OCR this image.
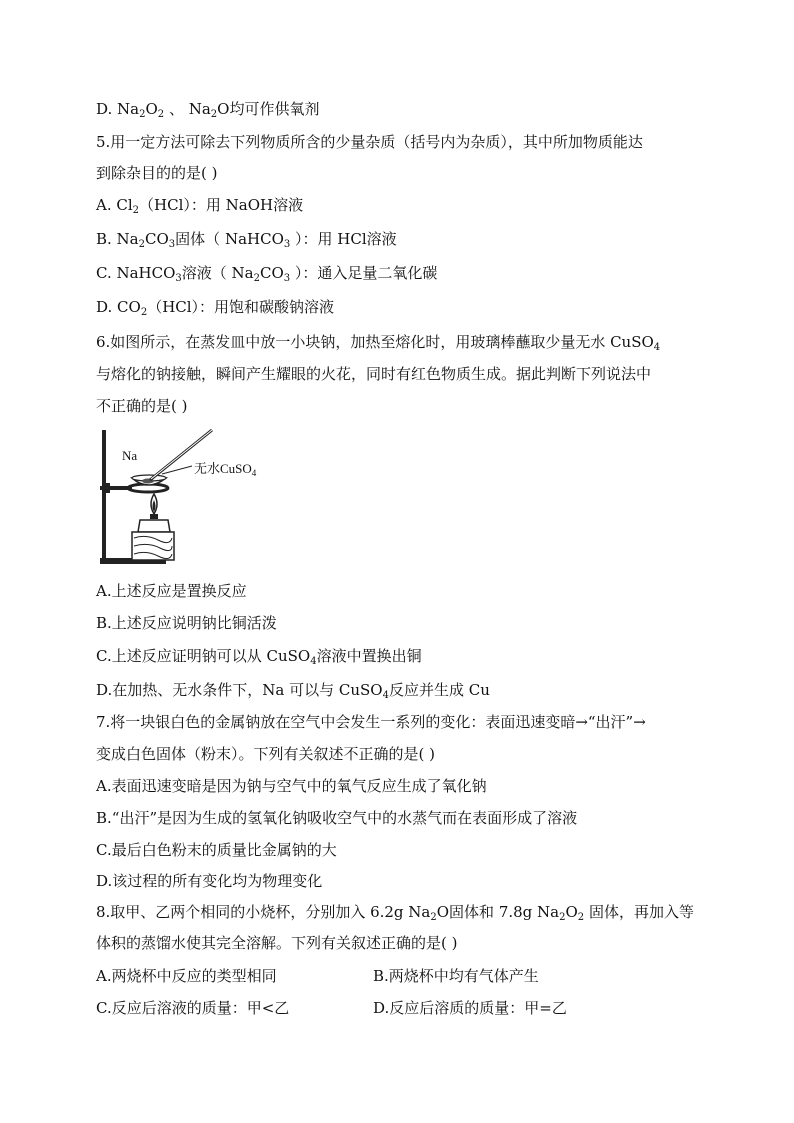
D. $Na_2O_2$ 、 $Na_2O$均可作供氧剂
5.用一定方法可除去下列物质所含的少量杂质（括号内为杂质），其中所加物质能达
到除杂目的的是( )
A. $Cl_2(HCl)$：用 NaOH溶液
B. $Na_2CO_3$固体（ NaHCO$_3$ ）：用 HCl溶液
C. NaHCO$_3$溶液（ $Na_2CO_3$ ）：通入足量二氧化碳
D. $CO_2(HCl)$：用饱和碳酸钠溶液
6.如图所示，在蒸发皿中放一小块钠，加热至熔化时，用玻璃棒蘸取少量无水 CuSO$_4$
与熔化的钠接触，瞬间产生耀眼的火花，同时有红色物质生成。据此判断下列说法中
不正确的是( )
Na
无水CuSO$_4$
A.上述反应是置换反应
B.上述反应说明钠比铜活泼
C.上述反应证明钠可以从 CuSO$_4$溶液中置换出铜
D.在加热、无水条件下，Na 可以与 CuSO$_4$反应并生成 Cu
7.将一块银白色的金属钠放在空气中会发生一系列的变化：表面迅速变暗→“出汗”→
变成白色固体（粉末）。下列有关叙述不正确的是( )
A.表面迅速变暗是因为钠与空气中的氧气反应生成了氧化钠
B.“出汗”是因为生成的氢氧化钠吸收空气中的水蒸气而在表面形成了溶液
C.最后白色粉末的质量比金属钠的大
D.该过程的所有变化均为物理变化
8.取甲、乙两个相同的小烧杯，分别加入 6.2g $Na_2O$固体和 7.8g $Na_2O_2$ 固体，再加入等
体积的蒸馏水使其完全溶解。下列有关叙述正确的是( )
A.两烧杯中反应的类型相同	B.两烧杯中均有气体产生
C.反应后溶液的质量：甲<乙	D.反应后溶质的质量：甲=乙
